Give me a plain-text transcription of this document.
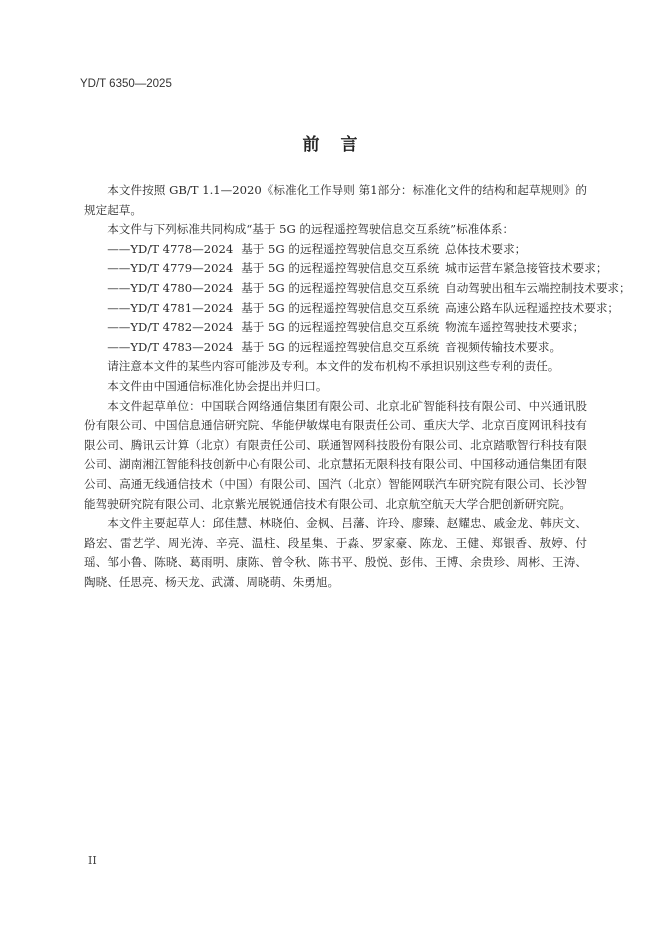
YD/T 6350—2025
前　言

本文件按照 GB/T 1.1—2020《标准化工作导则 第1部分：标准化文件的结构和起草规则》的规定起草。

本文件与下列标准共同构成“基于 5G 的远程遥控驾驶信息交互系统”标准体系：

——YD/T 4778—2024 基于 5G 的远程遥控驾驶信息交互系统 总体技术要求；
——YD/T 4779—2024 基于 5G 的远程遥控驾驶信息交互系统 城市运营车紧急接管技术要求；
——YD/T 4780—2024 基于 5G 的远程遥控驾驶信息交互系统 自动驾驶出租车云端控制技术要求；
——YD/T 4781—2024 基于 5G 的远程遥控驾驶信息交互系统 高速公路车队远程遥控技术要求；
——YD/T 4782—2024 基于 5G 的远程遥控驾驶信息交互系统 物流车遥控驾驶技术要求；
——YD/T 4783—2024 基于 5G 的远程遥控驾驶信息交互系统 音视频传输技术要求。

请注意本文件的某些内容可能涉及专利。本文件的发布机构不承担识别这些专利的责任。

本文件由中国通信标准化协会提出并归口。

本文件起草单位：中国联合网络通信集团有限公司、北京北矿智能科技有限公司、中兴通讯股份有限公司、中国信息通信研究院、华能伊敏煤电有限责任公司、重庆大学、北京百度网讯科技有限公司、腾讯云计算（北京）有限责任公司、联通智网科技股份有限公司、北京踏歌智行科技有限公司、湖南湘江智能科技创新中心有限公司、北京慧拓无限科技有限公司、中国移动通信集团有限公司、高通无线通信技术（中国）有限公司、国汽（北京）智能网联汽车研究院有限公司、长沙智能驾驶研究院有限公司、北京紫光展锐通信技术有限公司、北京航空航天大学合肥创新研究院。

本文件主要起草人：邱佳慧、林晓伯、金枫、吕藩、许玲、廖臻、赵耀忠、戚金龙、韩庆文、路宏、雷艺学、周光涛、辛亮、温柱、段星集、于淼、罗家豪、陈龙、王健、郑银香、敖婷、付瑶、邹小鲁、陈晓、葛雨明、康陈、曾令秋、陈书平、殷悦、彭伟、王博、余贵珍、周彬、王涛、陶晓、任思亮、杨天龙、武潇、周晓萌、朱勇旭。

II
